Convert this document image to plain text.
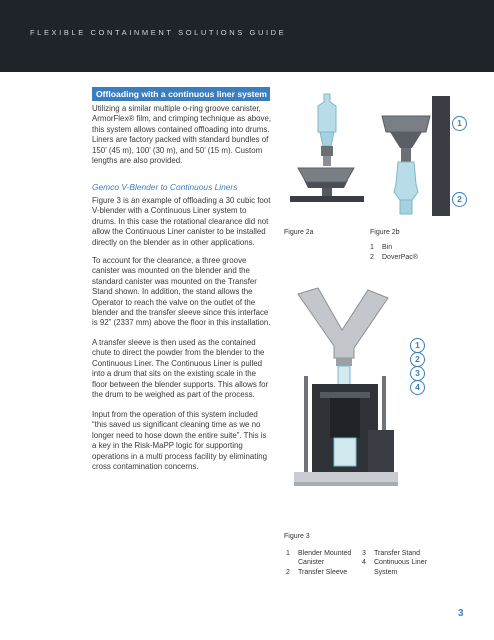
FLEXIBLE CONTAINMENT SOLUTIONS GUIDE
Offloading with a continuous liner system

Utilizing a similar multiple o-ring groove canister, ArmorFlex® film, and crimping technique as above, this system allows contained offloading into drums. Liners are factory packed with standard bundles of 150’ (45 m), 100’ (30 m), and 50’ (15 m). Custom lengths are also provided.

Gemco V-Blender to Continuous Liners

Figure 3 is an example of offloading a 30 cubic foot V-blender with a Continuous Liner system to drums. In this case the rotational clearance did not allow the Continuous Liner canister to be installed directly on the blender as in other applications.

To account for the clearance, a three groove canister was mounted on the blender and the standard canister was mounted on the Transfer Stand shown. In addition, the stand allows the Operator to reach the valve on the outlet of the blender and the transfer sleeve since this interface is 92” (2337 mm) above the floor in this installation.

A transfer sleeve is then used as the contained chute to direct the powder from the blender to the Continuous Liner. The Continuous Liner is pulled into a drum that sits on the existing scale in the floor between the blender supports. This allows for the drum to be weighed as part of the process.

Input from the operation of this system included “this saved us significant cleaning time as we no longer need to hose down the entire suite”. This is a key in the Risk-MaPP logic for supporting operations in a multi process facility by eliminating cross contamination concerns.

Figure 2a	Figure 2b
1 Bin
2 DoverPac®
Figure 3
1 Blender Mounted
Canister
2 Transfer Sleeve
3 Transfer Stand
4 Continuous Liner
System
1
2
1
2
3
4
3
